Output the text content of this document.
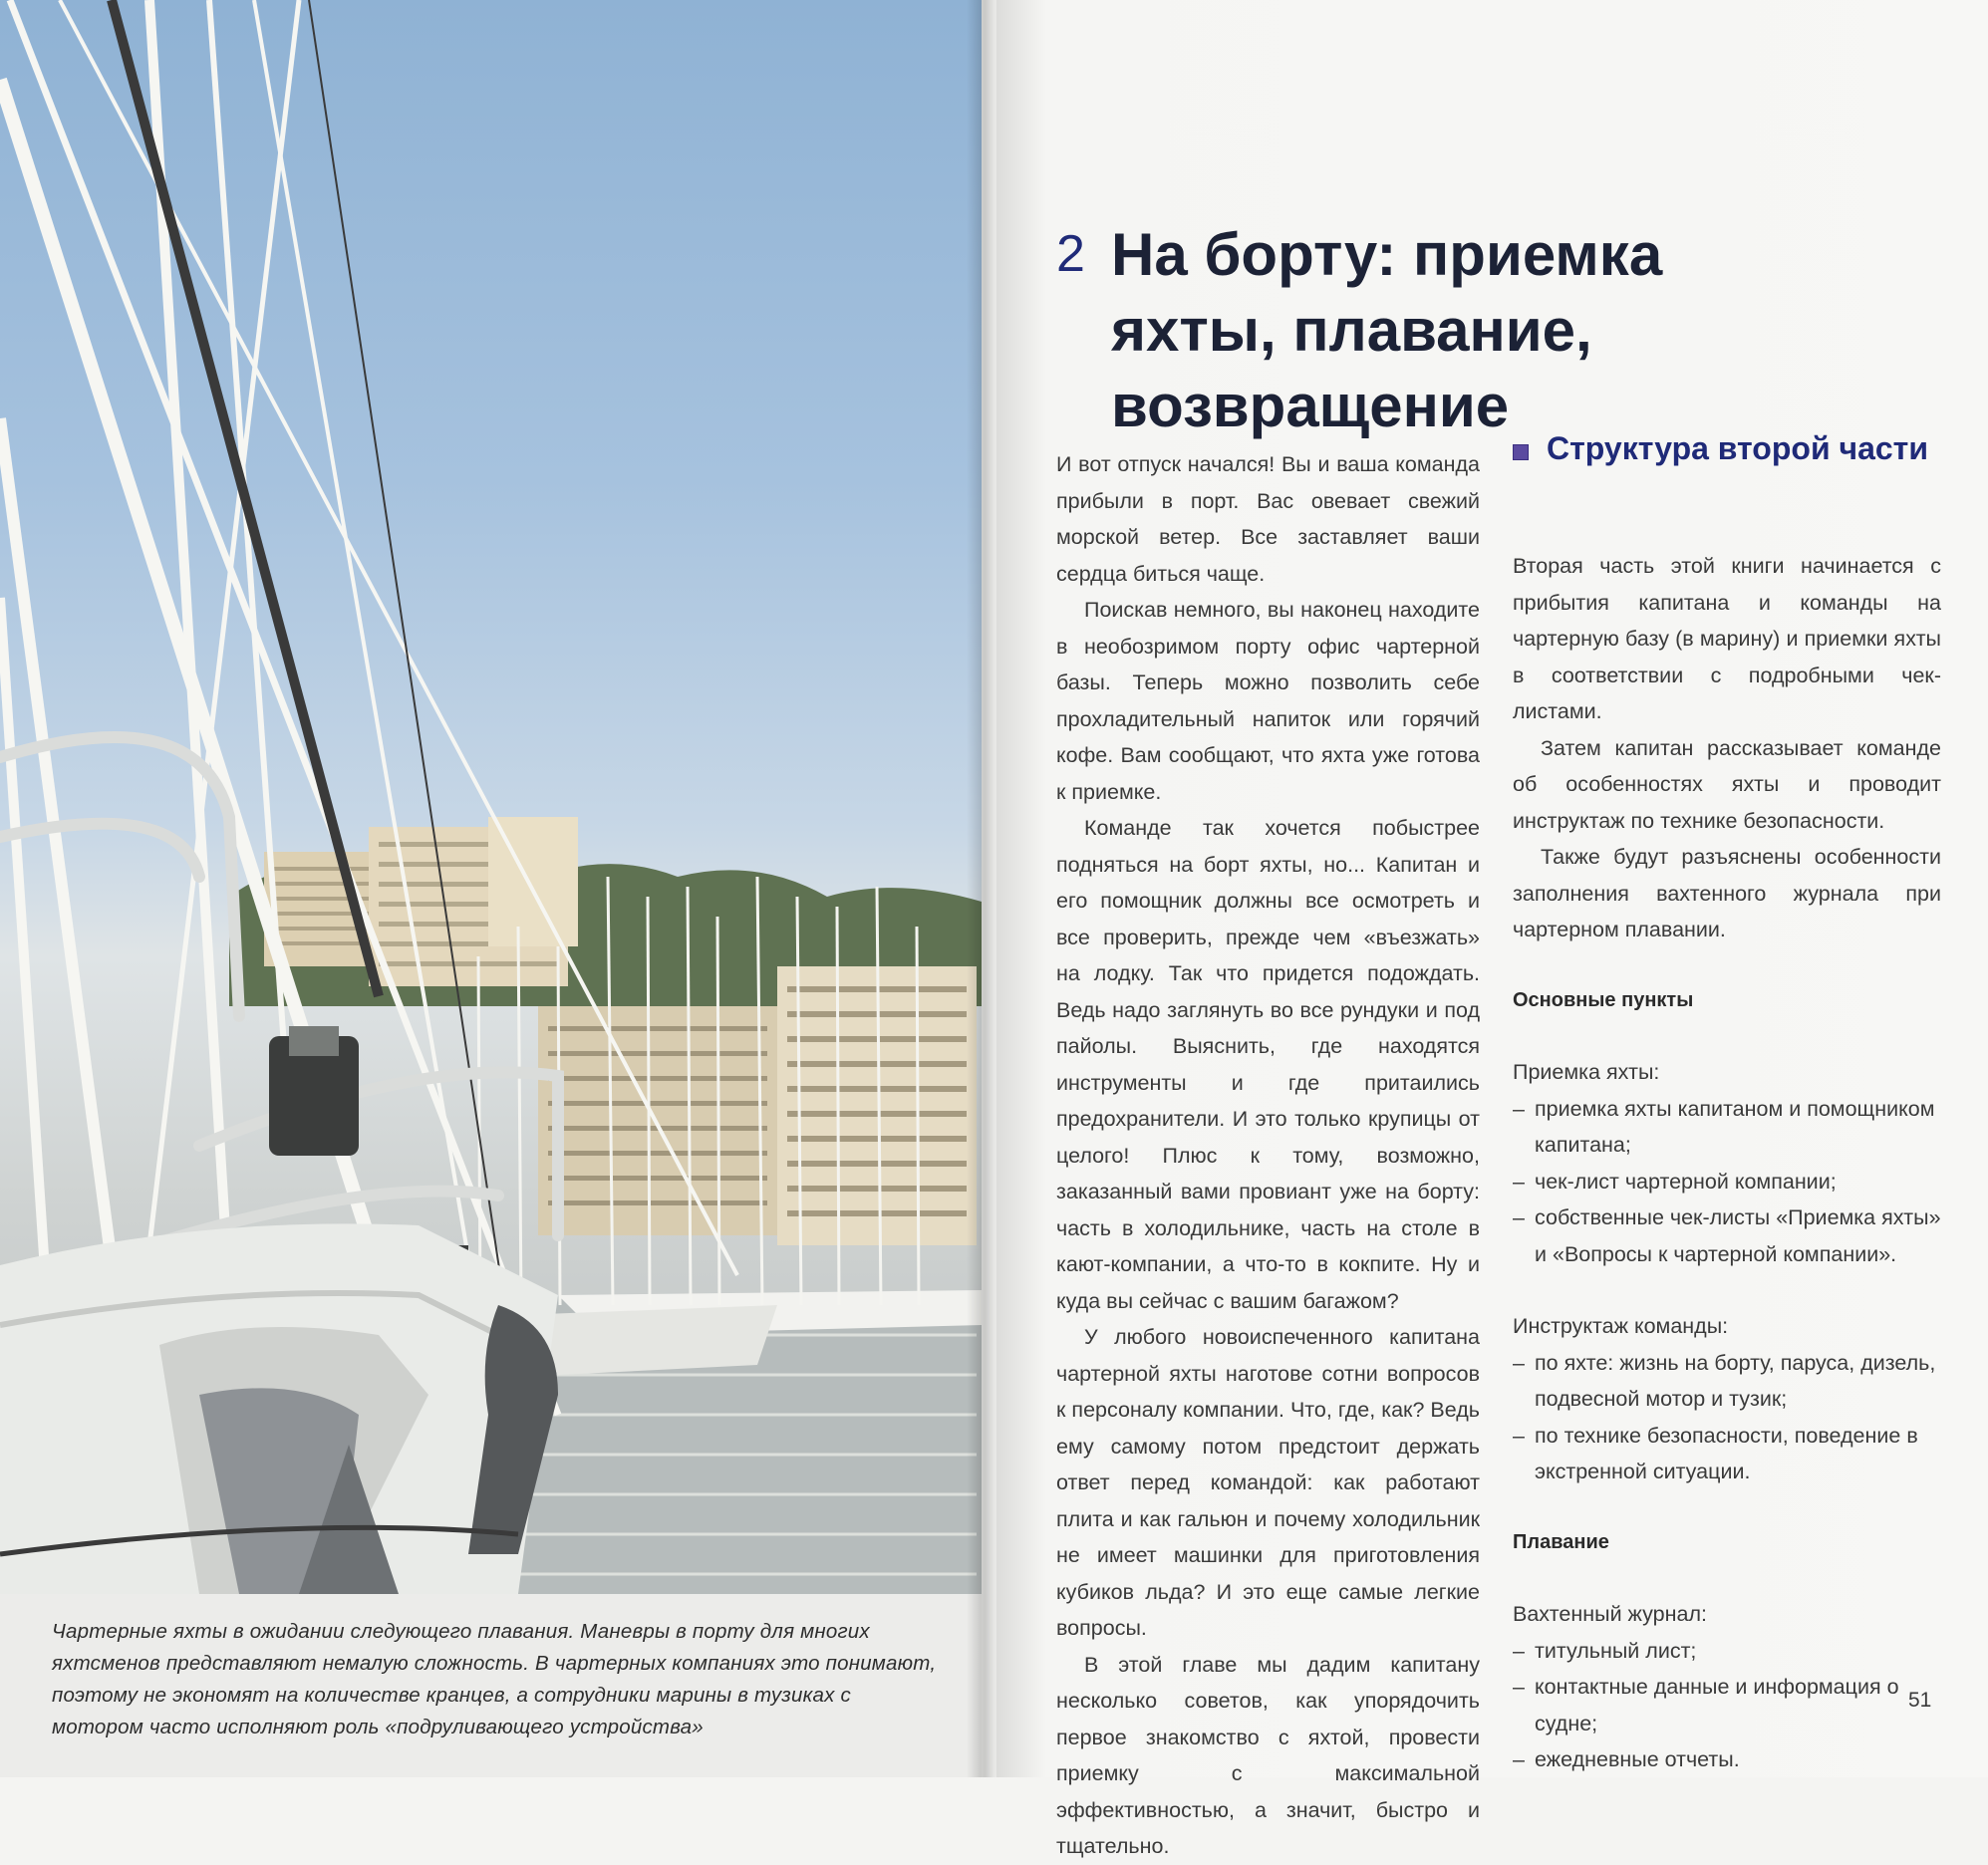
Чартерные яхты в ожидании следующего плавания. Маневры в порту для многих яхтсменов представляют немалую сложность. В чартерных компаниях это понимают, поэтому не экономят на количестве кранцев, а сотрудники марины в тузиках с мотором часто исполняют роль «подруливающего устройства»

2 На борту: приемка яхты, плавание, возвращение

И вот отпуск начался! Вы и ваша команда прибыли в порт. Вас овевает свежий морской ветер. Все заставляет ваши сердца биться чаще.

Поискав немного, вы наконец находите в необозримом порту офис чартерной базы. Теперь можно позволить себе прохладительный напиток или горячий кофе. Вам сообщают, что яхта уже готова к приемке.

Команде так хочется побыстрее подняться на борт яхты, но... Капитан и его помощник должны все осмотреть и все проверить, прежде чем «въезжать» на лодку. Так что придется подождать. Ведь надо заглянуть во все рундуки и под пайолы. Выяснить, где находятся инструменты и где притаились предохранители. И это только крупицы от целого! Плюс к тому, возможно, заказанный вами провиант уже на борту: часть в холодильнике, часть на столе в кают-компании, а что-то в кокпите. Ну и куда вы сейчас с вашим багажом?

У любого новоиспеченного капитана чартерной яхты наготове сотни вопросов к персоналу компании. Что, где, как? Ведь ему самому потом предстоит держать ответ перед командой: как работают плита и как гальюн и почему холодильник не имеет машинки для приготовления кубиков льда? И это еще самые легкие вопросы.

В этой главе мы дадим капитану несколько советов, как упорядочить первое знакомство с яхтой, провести приемку с максимальной эффективностью, а значит, быстро и тщательно.

Структура второй части

Вторая часть этой книги начинается с прибытия капитана и команды на чартерную базу (в марину) и приемки яхты в соответствии с подробными чек-листами.

Затем капитан рассказывает команде об особенностях яхты и проводит инструктаж по технике безопасности.

Также будут разъяснены особенности заполнения вахтенного журнала при чартерном плавании.

Основные пункты

Приемка яхты:

– приемка яхты капитаном и помощником капитана;
– чек-лист чартерной компании;
– собственные чек-листы «Приемка яхты» и «Вопросы к чартерной компании».

Инструктаж команды:

– по яхте: жизнь на борту, паруса, дизель, подвесной мотор и тузик;
– по технике безопасности, поведение в экстренной ситуации.

Плавание

Вахтенный журнал:

– титульный лист;
– контактные данные и информация о судне;
– ежедневные отчеты.
51
